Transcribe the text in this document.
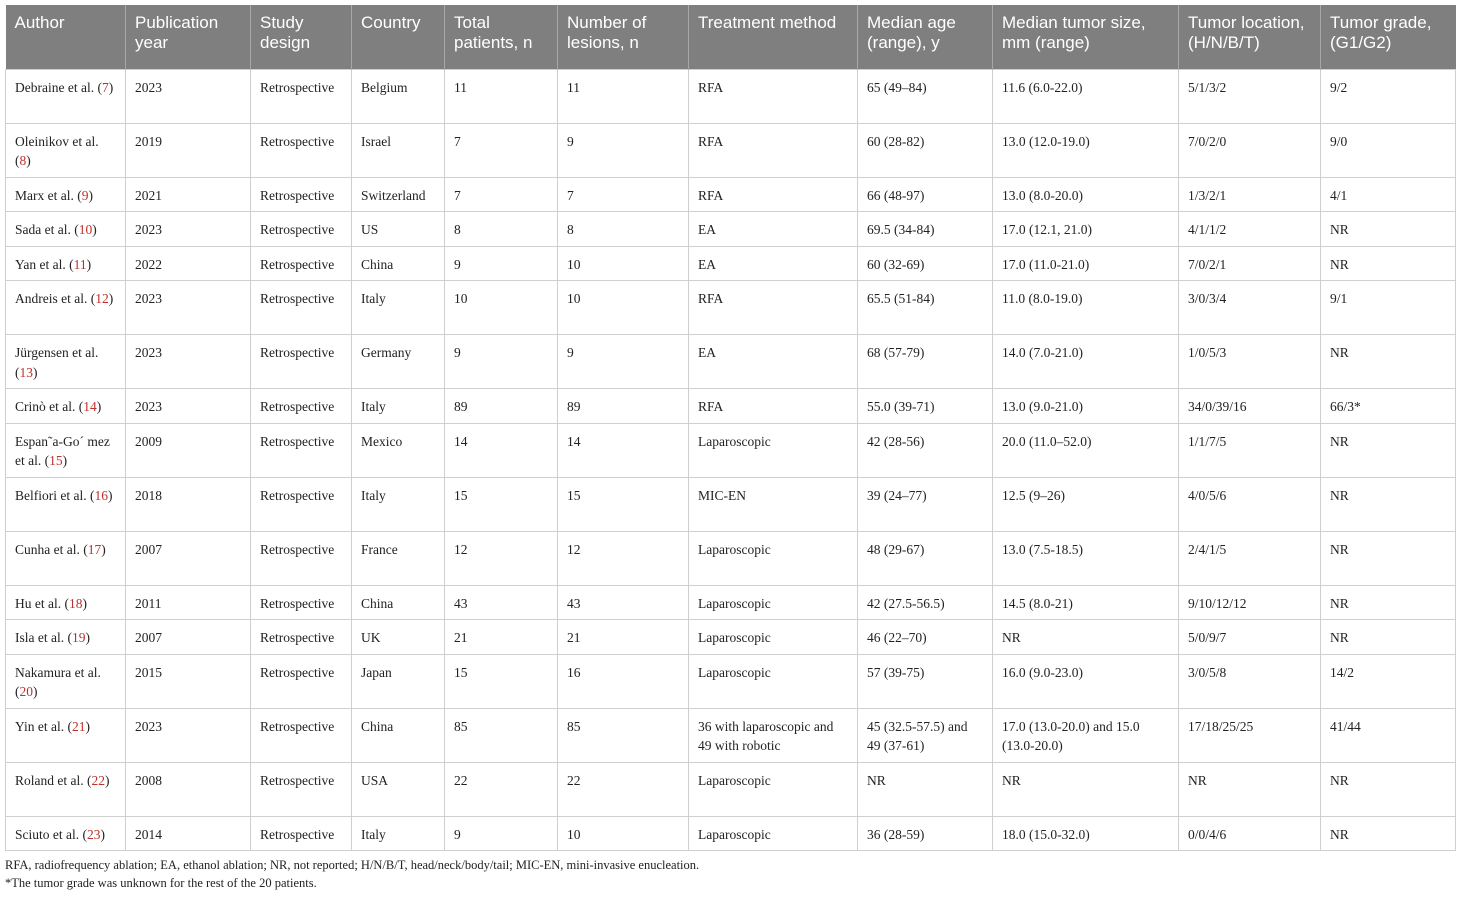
Author	Publication year	Study design	Country	Total patients, n	Number of lesions, n	Treatment method	Median age (range), y	Median tumor size, mm (range)	Tumor location, (H/N/B/T)	Tumor grade, (G1/G2)
Debraine et al. (7)	2023	Retrospective	Belgium	11	11	RFA	65 (49–84)	11.6 (6.0-22.0)	5/1/3/2	9/2
Oleinikov et al. (8)	2019	Retrospective	Israel	7	9	RFA	60 (28-82)	13.0 (12.0-19.0)	7/0/2/0	9/0
Marx et al. (9)	2021	Retrospective	Switzerland	7	7	RFA	66 (48-97)	13.0 (8.0-20.0)	1/3/2/1	4/1
Sada et al. (10)	2023	Retrospective	US	8	8	EA	69.5 (34-84)	17.0 (12.1, 21.0)	4/1/1/2	NR
Yan et al. (11)	2022	Retrospective	China	9	10	EA	60 (32-69)	17.0 (11.0-21.0)	7/0/2/1	NR
Andreis et al. (12)	2023	Retrospective	Italy	10	10	RFA	65.5 (51-84)	11.0 (8.0-19.0)	3/0/3/4	9/1
Jürgensen et al. (13)	2023	Retrospective	Germany	9	9	EA	68 (57-79)	14.0 (7.0-21.0)	1/0/5/3	NR
Crinò et al. (14)	2023	Retrospective	Italy	89	89	RFA	55.0 (39-71)	13.0 (9.0-21.0)	34/0/39/16	66/3*
Espan˜a-Go´ mez et al. (15)	2009	Retrospective	Mexico	14	14	Laparoscopic	42 (28-56)	20.0 (11.0–52.0)	1/1/7/5	NR
Belfiori et al. (16)	2018	Retrospective	Italy	15	15	MIC-EN	39 (24–77)	12.5 (9–26)	4/0/5/6	NR
Cunha et al. (17)	2007	Retrospective	France	12	12	Laparoscopic	48 (29-67)	13.0 (7.5-18.5)	2/4/1/5	NR
Hu et al. (18)	2011	Retrospective	China	43	43	Laparoscopic	42 (27.5-56.5)	14.5 (8.0-21)	9/10/12/12	NR
Isla et al. (19)	2007	Retrospective	UK	21	21	Laparoscopic	46 (22–70)	NR	5/0/9/7	NR
Nakamura et al. (20)	2015	Retrospective	Japan	15	16	Laparoscopic	57 (39-75)	16.0 (9.0-23.0)	3/0/5/8	14/2
Yin et al. (21)	2023	Retrospective	China	85	85	36 with laparoscopic and 49 with robotic	45 (32.5-57.5) and 49 (37-61)	17.0 (13.0-20.0) and 15.0 (13.0-20.0)	17/18/25/25	41/44
Roland et al. (22)	2008	Retrospective	USA	22	22	Laparoscopic	NR	NR	NR	NR
Sciuto et al. (23)	2014	Retrospective	Italy	9	10	Laparoscopic	36 (28-59)	18.0 (15.0-32.0)	0/0/4/6	NR
RFA, radiofrequency ablation; EA, ethanol ablation; NR, not reported; H/N/B/T, head/neck/body/tail; MIC-EN, mini-invasive enucleation.
*The tumor grade was unknown for the rest of the 20 patients.
